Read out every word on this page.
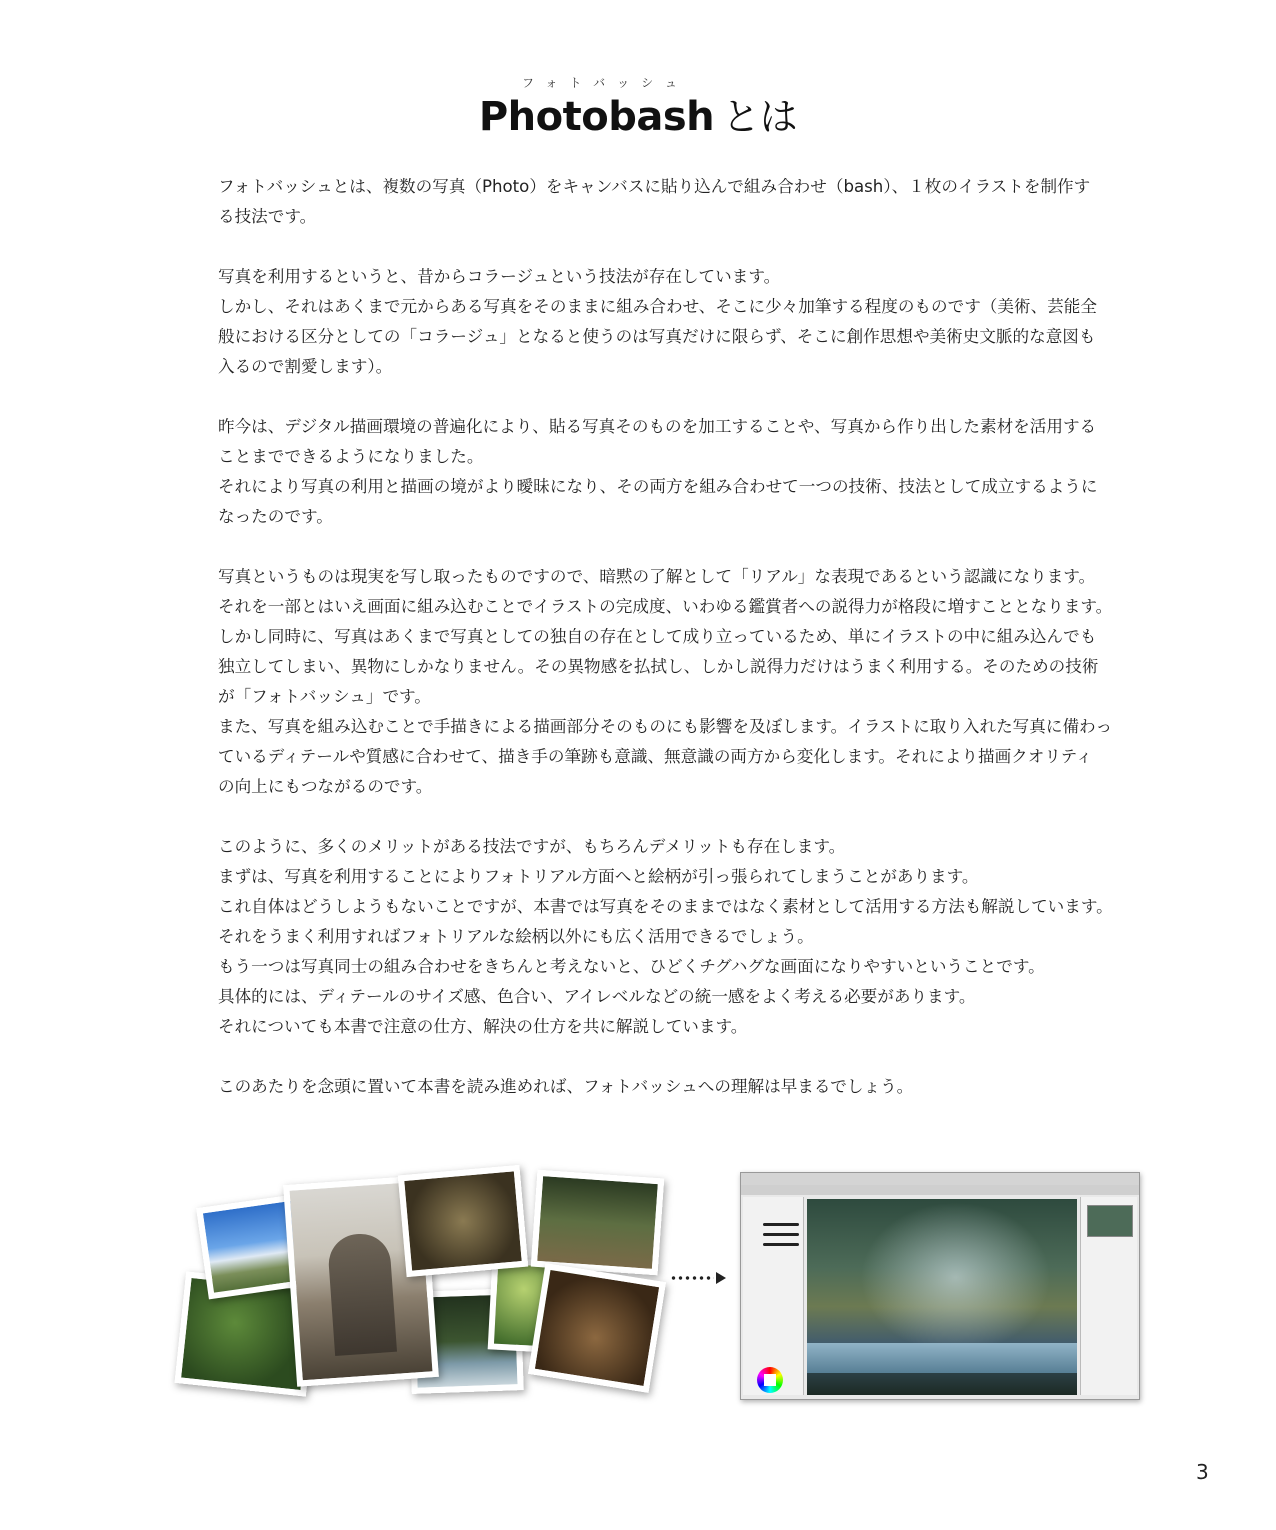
フォトバッシュ
Photobash とは

フォトバッシュとは、複数の写真（Photo）をキャンバスに貼り込んで組み合わせ（bash）、１枚のイラストを制作す
る技法です。

写真を利用するというと、昔からコラージュという技法が存在しています。
しかし、それはあくまで元からある写真をそのままに組み合わせ、そこに少々加筆する程度のものです（美術、芸能全
般における区分としての「コラージュ」となると使うのは写真だけに限らず、そこに創作思想や美術史文脈的な意図も
入るので割愛します）。

昨今は、デジタル描画環境の普遍化により、貼る写真そのものを加工することや、写真から作り出した素材を活用する
ことまでできるようになりました。
それにより写真の利用と描画の境がより曖昧になり、その両方を組み合わせて一つの技術、技法として成立するように
なったのです。

写真というものは現実を写し取ったものですので、暗黙の了解として「リアル」な表現であるという認識になります。
それを一部とはいえ画面に組み込むことでイラストの完成度、いわゆる鑑賞者への説得力が格段に増すこととなります。
しかし同時に、写真はあくまで写真としての独自の存在として成り立っているため、単にイラストの中に組み込んでも
独立してしまい、異物にしかなりません。その異物感を払拭し、しかし説得力だけはうまく利用する。そのための技術
が「フォトバッシュ」です。
また、写真を組み込むことで手描きによる描画部分そのものにも影響を及ぼします。イラストに取り入れた写真に備わっ
ているディテールや質感に合わせて、描き手の筆跡も意識、無意識の両方から変化します。それにより描画クオリティ
の向上にもつながるのです。

このように、多くのメリットがある技法ですが、もちろんデメリットも存在します。
まずは、写真を利用することによりフォトリアル方面へと絵柄が引っ張られてしまうことがあります。
これ自体はどうしようもないことですが、本書では写真をそのままではなく素材として活用する方法も解説しています。
それをうまく利用すればフォトリアルな絵柄以外にも広く活用できるでしょう。
もう一つは写真同士の組み合わせをきちんと考えないと、ひどくチグハグな画面になりやすいということです。
具体的には、ディテールのサイズ感、色合い、アイレベルなどの統一感をよく考える必要があります。
それについても本書で注意の仕方、解決の仕方を共に解説しています。

このあたりを念頭に置いて本書を読み進めれば、フォトバッシュへの理解は早まるでしょう。

3
